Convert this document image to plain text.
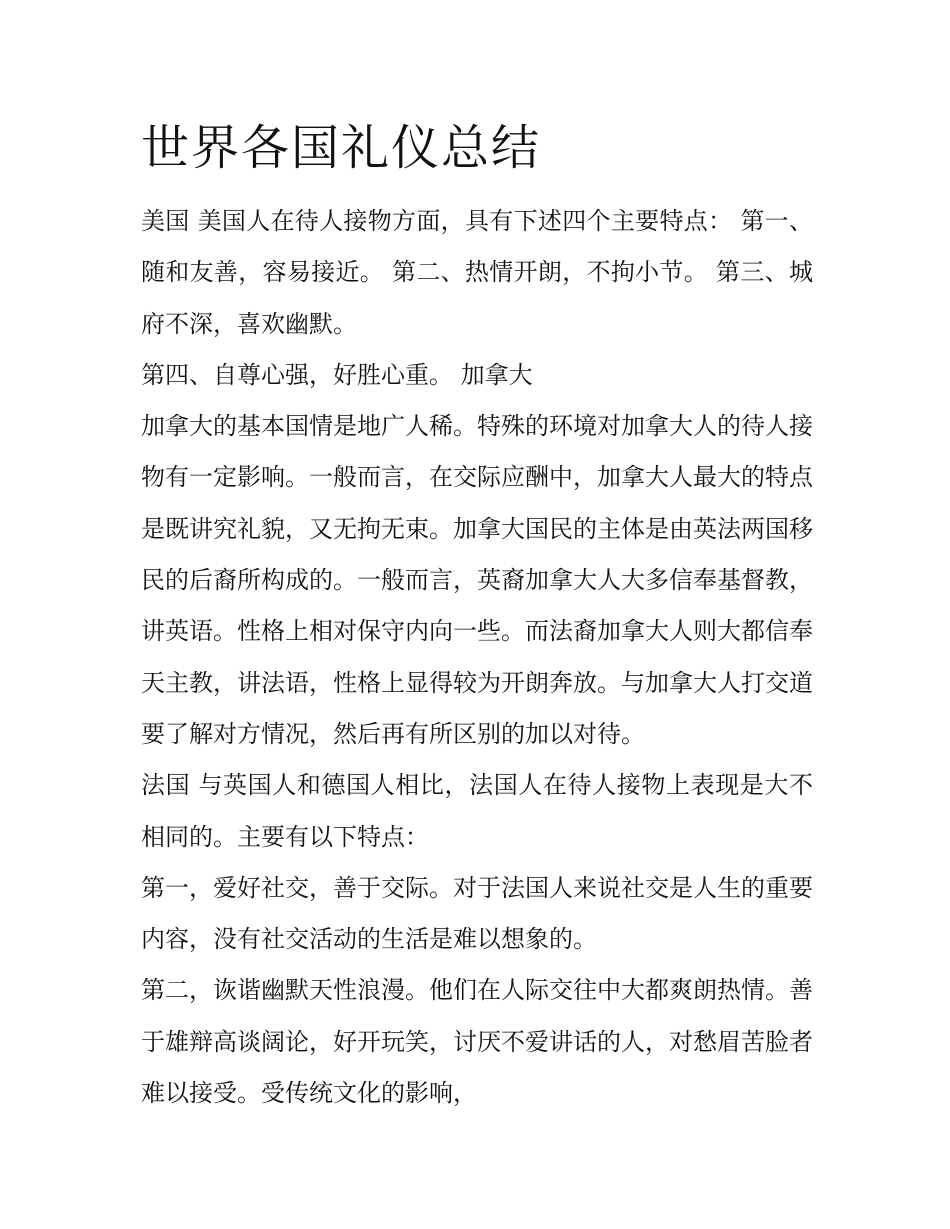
世界各国礼仪总结

美国 美国人在待人接物方面，具有下述四个主要特点： 第一、随和友善，容易接近。 第二、热情开朗，不拘小节。 第三、城府不深，喜欢幽默。

第四、自尊心强，好胜心重。 加拿大

加拿大的基本国情是地广人稀。特殊的环境对加拿大人的待人接物有一定影响。一般而言，在交际应酬中，加拿大人最大的特点是既讲究礼貌，又无拘无束。加拿大国民的主体是由英法两国移民的后裔所构成的。一般而言，英裔加拿大人大多信奉基督教，讲英语。性格上相对保守内向一些。而法裔加拿大人则大都信奉天主教，讲法语，性格上显得较为开朗奔放。与加拿大人打交道要了解对方情况，然后再有所区别的加以对待。

法国 与英国人和德国人相比，法国人在待人接物上表现是大不相同的。主要有以下特点：

第一，爱好社交，善于交际。对于法国人来说社交是人生的重要内容，没有社交活动的生活是难以想象的。

第二，诙谐幽默天性浪漫。他们在人际交往中大都爽朗热情。善于雄辩高谈阔论，好开玩笑，讨厌不爱讲话的人，对愁眉苦脸者难以接受。受传统文化的影响，
